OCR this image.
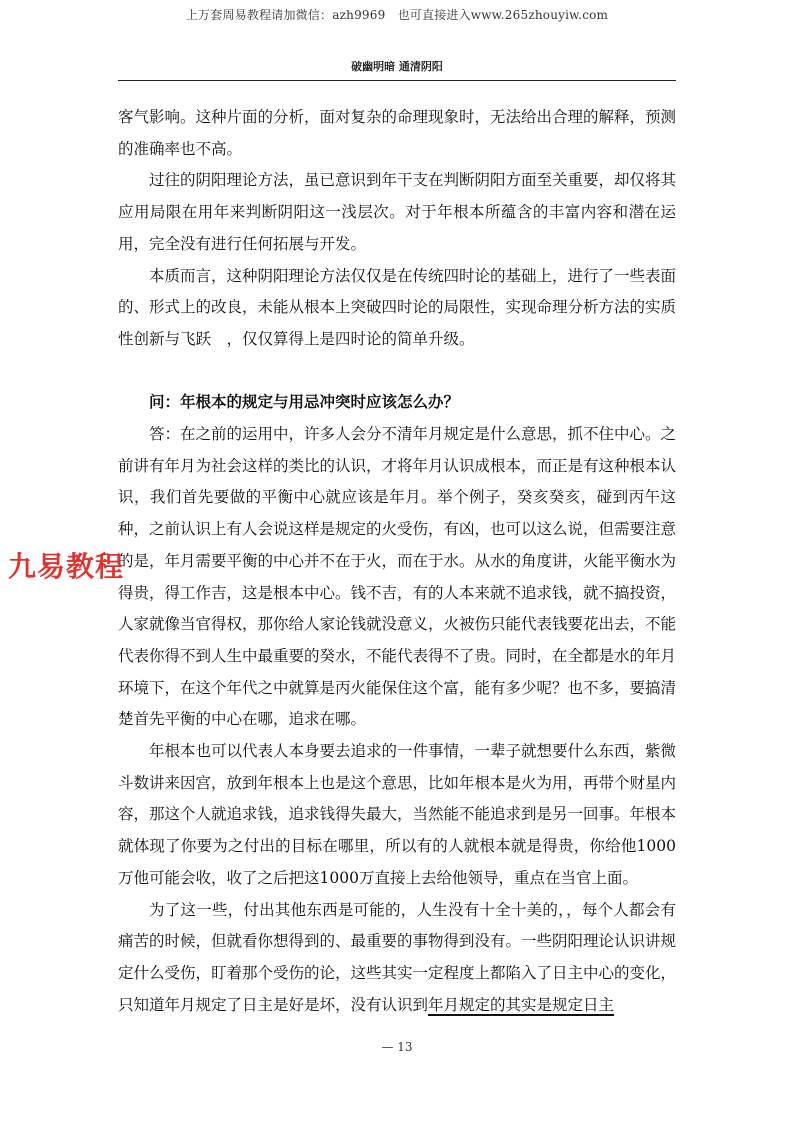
上万套周易教程请加微信：azh9969　也可直接进入www.265zhouyiw.com
破幽明暗 通清阴阳

客气影响。这种片面的分析，面对复杂的命理现象时，无法给出合理的解释，预测的准确率也不高。

过往的阴阳理论方法，虽已意识到年干支在判断阴阳方面至关重要，却仅将其应用局限在用年来判断阴阳这一浅层次。对于年根本所蕴含的丰富内容和潜在运用，完全没有进行任何拓展与开发。

本质而言，这种阴阳理论方法仅仅是在传统四时论的基础上，进行了一些表面的、形式上的改良，未能从根本上突破四时论的局限性，实现命理分析方法的实质性创新与飞跃　，仅仅算得上是四时论的简单升级。

问：年根本的规定与用忌冲突时应该怎么办？

答：在之前的运用中，许多人会分不清年月规定是什么意思，抓不住中心。之前讲有年月为社会这样的类比的认识，才将年月认识成根本，而正是有这种根本认识，我们首先要做的平衡中心就应该是年月。举个例子，癸亥癸亥，碰到丙午这种，之前认识上有人会说这样是规定的火受伤，有凶，也可以这么说，但需要注意的是，年月需要平衡的中心并不在于火，而在于水。从水的角度讲，火能平衡水为得贵，得工作吉，这是根本中心。钱不吉，有的人本来就不追求钱，就不搞投资，人家就像当官得权，那你给人家论钱就没意义，火被伤只能代表钱要花出去，不能代表你得不到人生中最重要的癸水，不能代表得不了贵。同时，在全都是水的年月环境下，在这个年代之中就算是丙火能保住这个富，能有多少呢？也不多，要搞清楚首先平衡的中心在哪，追求在哪。

年根本也可以代表人本身要去追求的一件事情，一辈子就想要什么东西，紫微斗数讲来因宫，放到年根本上也是这个意思，比如年根本是火为用，再带个财星内容，那这个人就追求钱，追求钱得失最大，当然能不能追求到是另一回事。年根本就体现了你要为之付出的目标在哪里，所以有的人就根本就是得贵，你给他1000万他可能会收，收了之后把这1000万直接上去给他领导，重点在当官上面。

为了这一些，付出其他东西是可能的，人生没有十全十美的，，每个人都会有痛苦的时候，但就看你想得到的、最重要的事物得到没有。一些阴阳理论认识讲规定什么受伤，盯着那个受伤的论，这些其实一定程度上都陷入了日主中心的变化，只知道年月规定了日主是好是坏，没有认识到年月规定的其实是规定日主

九易教程
— 13
